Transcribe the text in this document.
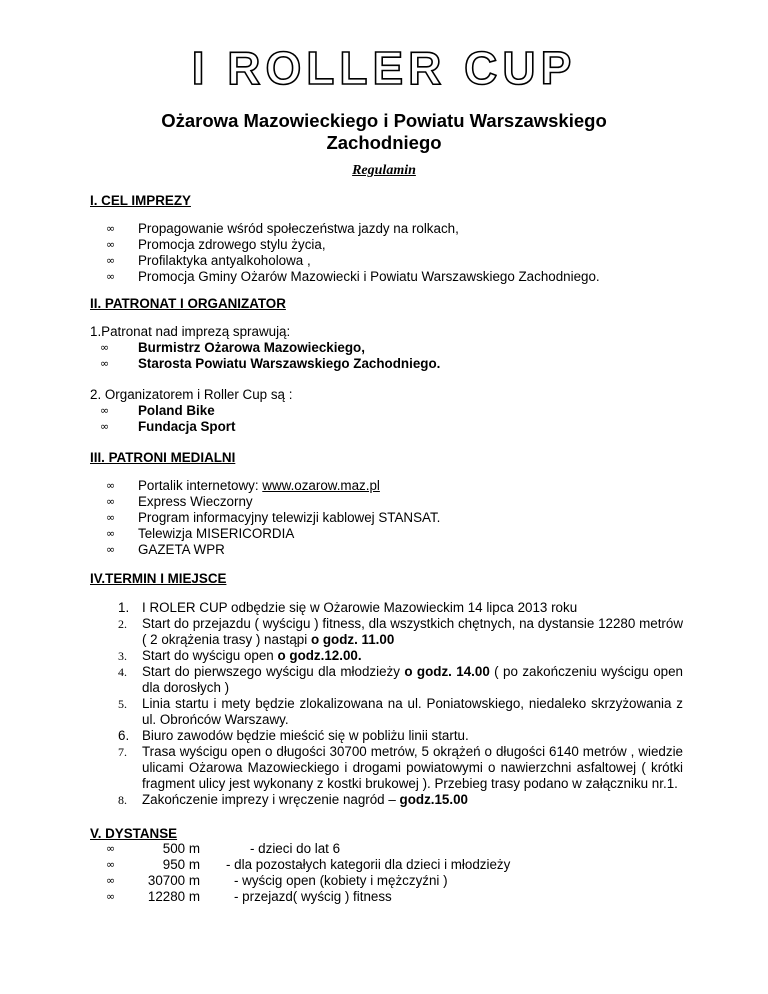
I ROLLER CUP
Ożarowa Mazowieckiego i Powiatu Warszawskiego
Zachodniego
Regulamin
I. CEL IMPREZY
∞ Propagowanie wśród społeczeństwa jazdy na rolkach,
∞ Promocja zdrowego stylu życia,
∞ Profilaktyka antyalkoholowa ,
∞ Promocja Gminy Ożarów Mazowiecki i Powiatu Warszawskiego Zachodniego.
II. PATRONAT I ORGANIZATOR
1.Patronat nad imprezą sprawują:
∞ Burmistrz Ożarowa Mazowieckiego,
∞ Starosta Powiatu Warszawskiego Zachodniego.
2. Organizatorem i Roller Cup są :
∞ Poland Bike
∞ Fundacja Sport
III. PATRONI MEDIALNI
∞ Portalik internetowy: www.ozarow.maz.pl
∞ Express Wieczorny
∞ Program informacyjny telewizji kablowej STANSAT.
∞ Telewizja MISERICORDIA
∞ GAZETA WPR
IV.TERMIN I MIEJSCE
1. I ROLER CUP odbędzie się w Ożarowie Mazowieckim 14 lipca 2013 roku
2.	Start do przejazdu ( wyścigu ) fitness, dla wszystkich chętnych, na dystansie 12280 metrów ( 2 okrążenia trasy ) nastąpi o godz. 11.00
3.	Start do wyścigu open o godz.12.00.
4.	Start do pierwszego wyścigu dla młodzieży o godz. 14.00 ( po zakończeniu wyścigu open dla dorosłych )
5.	Linia startu i mety będzie zlokalizowana na ul. Poniatowskiego, niedaleko skrzyżowania z ul. Obrońców Warszawy.
6. Biuro zawodów będzie mieścić się w pobliżu linii startu.
7.	Trasa wyścigu open o długości 30700 metrów, 5 okrążeń o długości 6140 metrów , wiedzie ulicami Ożarowa Mazowieckiego i drogami powiatowymi o nawierzchni asfaltowej ( krótki fragment ulicy jest wykonany z kostki brukowej ). Przebieg trasy podano w załączniku nr.1.
8.	Zakończenie imprezy i wręczenie nagród – godz.15.00
V. DYSTANSE
∞	500 m	- dzieci do lat 6
∞	950 m - dla pozostałych kategorii dla dzieci i młodzieży
∞	30700 m	- wyścig open (kobiety i mężczyźni )
∞	12280 m	- przejazd( wyścig ) fitness
